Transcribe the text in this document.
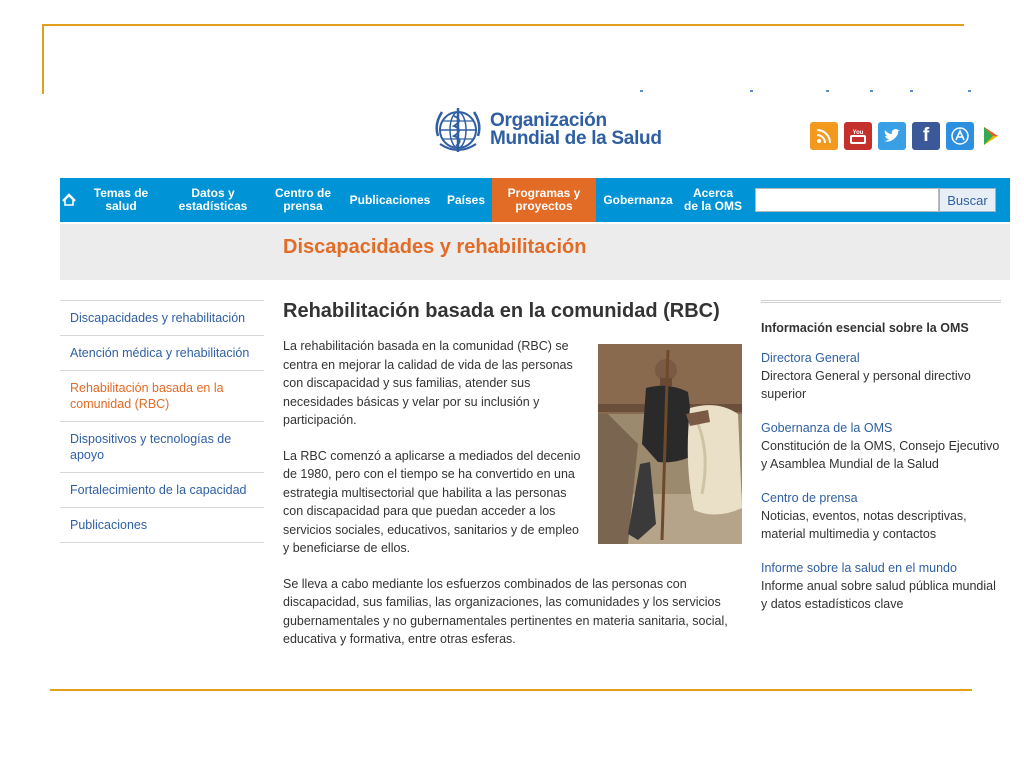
Organización
Mundial de la Salud	You	f
Temas de
salud
Datos y
estadísticas
Centro de
prensa	Publicaciones Países Programas y
proyectos	Gobernanza	Acerca
de la OMS	Buscar
Discapacidades y rehabilitación
Discapacidades y rehabilitación
Atención médica y rehabilitación
Rehabilitación basada en la comunidad (RBC)
Dispositivos y tecnologías de apoyo
Fortalecimiento de la capacidad
Publicaciones
Rehabilitación basada en la comunidad (RBC)

La rehabilitación basada en la comunidad (RBC) se centra en mejorar la calidad de vida de las personas con discapacidad y sus familias, atender sus necesidades básicas y velar por su inclusión y participación.

La RBC comenzó a aplicarse a mediados del decenio de 1980, pero con el tiempo se ha convertido en una estrategia multisectorial que habilita a las personas con discapacidad para que puedan acceder a los servicios sociales, educativos, sanitarios y de empleo y beneficiarse de ellos.

Se lleva a cabo mediante los esfuerzos combinados de las personas con discapacidad, sus familias, las organizaciones, las comunidades y los servicios gubernamentales y no gubernamentales pertinentes en materia sanitaria, social, educativa y formativa, entre otras esferas.

Información esencial sobre la OMS
Directora General
Directora General y personal directivo superior
Gobernanza de la OMS
Constitución de la OMS, Consejo Ejecutivo y Asamblea Mundial de la Salud
Centro de prensa
Noticias, eventos, notas descriptivas, material multimedia y contactos
Informe sobre la salud en el mundo
Informe anual sobre salud pública mundial y datos estadísticos clave
